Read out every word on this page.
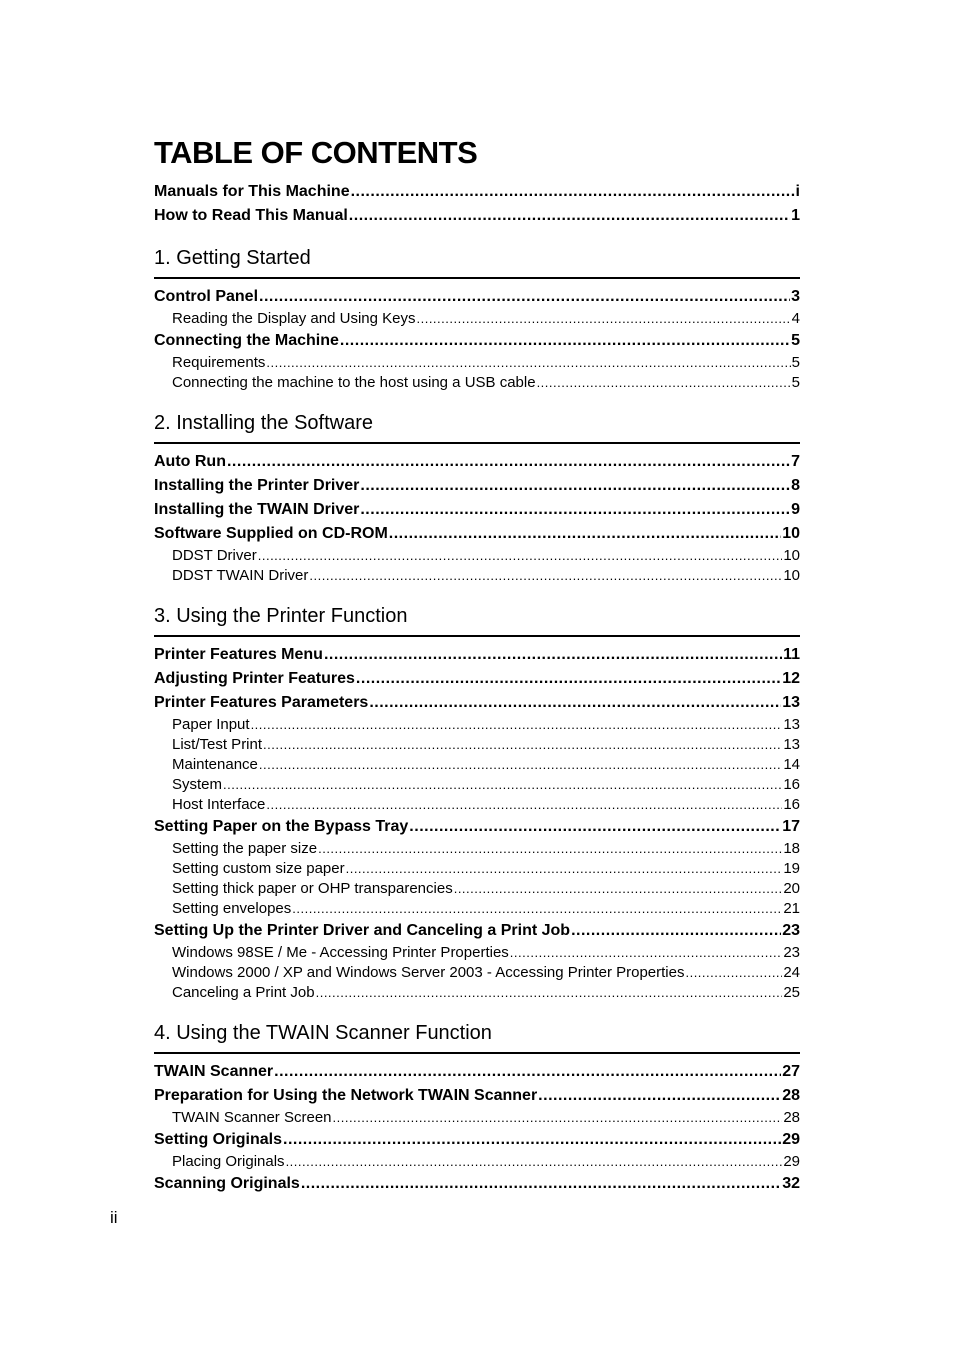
TABLE OF CONTENTS
Manuals for This Machine .....	i
How to Read This Manual .....	1
1. Getting Started
Control Panel .....	3
Reading the Display and Using Keys .....	4
Connecting the Machine .....	5
Requirements .....	5
Connecting the machine to the host using a USB cable .....	5
2. Installing the Software
Auto Run .....	7
Installing the Printer Driver .....	8
Installing the TWAIN Driver .....	9
Software Supplied on CD-ROM .....	10
DDST Driver .....	10
DDST TWAIN Driver .....	10
3. Using the Printer Function
Printer Features Menu .....	11
Adjusting Printer Features .....	12
Printer Features Parameters .....	13
Paper Input .....	13
List/Test Print .....	13
Maintenance .....	14
System .....	16
Host Interface .....	16
Setting Paper on the Bypass Tray .....	17
Setting the paper size .....	18
Setting custom size paper .....	19
Setting thick paper or OHP transparencies .....	20
Setting envelopes .....	21
Setting Up the Printer Driver and Canceling a Print Job .....	23
Windows 98SE / Me - Accessing Printer Properties .....	23
Windows 2000 / XP and Windows Server 2003 - Accessing Printer Properties .....	24
Canceling a Print Job .....	25
4. Using the TWAIN Scanner Function
TWAIN Scanner .....	27
Preparation for Using the Network TWAIN Scanner .....	28
TWAIN Scanner Screen .....	28
Setting Originals .....	29
Placing Originals .....	29
Scanning Originals .....	32
ii
